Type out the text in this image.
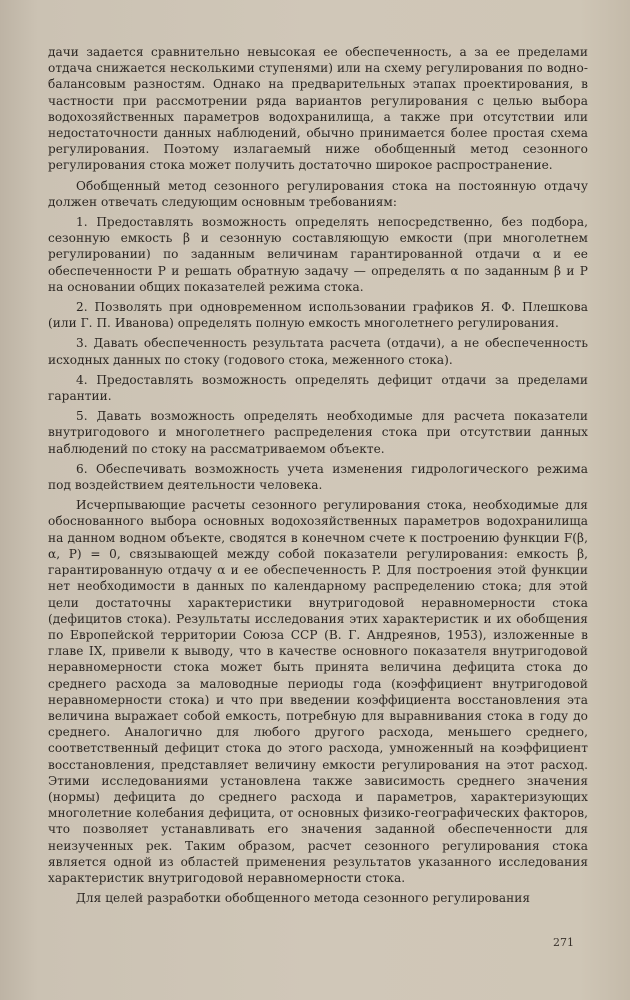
дачи задается сравнительно невысокая ее обеспеченность, а за ее пределами отдача снижается несколькими ступенями) или на схему регулирования по воднобалансовым разностям. Однако на предварительных этапах проектирования, в частности при рассмотрении ряда вариантов регулирования с целью выбора водохозяйственных параметров водохранилища, а также при отсутствии или недостаточности данных наблюдений, обычно принимается более простая схема регулирования. Поэтому излагаемый ниже обобщенный метод сезонного регулирования стока может получить достаточно широкое распространение.

Обобщенный метод сезонного регулирования стока на постоянную отдачу должен отвечать следующим основным требованиям:

1. Предоставлять возможность определять непосредственно, без подбора, сезонную емкость β и сезонную составляющую емкости (при многолетнем регулировании) по заданным величинам гарантированной отдачи α и ее обеспеченности P и решать обратную задачу — определять α по заданным β и P на основании общих показателей режима стока.

2. Позволять при одновременном использовании графиков Я. Ф. Плешкова (или Г. П. Иванова) определять полную емкость многолетнего регулирования.

3. Давать обеспеченность результата расчета (отдачи), а не обеспеченность исходных данных по стоку (годового стока, меженного стока).

4. Предоставлять возможность определять дефицит отдачи за пределами гарантии.

5. Давать возможность определять необходимые для расчета показатели внутригодового и многолетнего распределения стока при отсутствии данных наблюдений по стоку на рассматриваемом объекте.

6. Обеспечивать возможность учета изменения гидрологического режима под воздействием деятельности человека.

Исчерпывающие расчеты сезонного регулирования стока, необходимые для обоснованного выбора основных водохозяйственных параметров водохранилища на данном водном объекте, сводятся в конечном счете к построению функции F(β, α, P) = 0, связывающей между собой показатели регулирования: емкость β, гарантированную отдачу α и ее обеспеченность P. Для построения этой функции нет необходимости в данных по календарному распределению стока; для этой цели достаточны характеристики внутригодовой неравномерности стока (дефицитов стока). Результаты исследования этих характеристик и их обобщения по Европейской территории Союза ССР (В. Г. Андреянов, 1953), изложенные в главе IX, привели к выводу, что в качестве основного показателя внутригодовой неравномерности стока может быть принята величина дефицита стока до среднего расхода за маловодные периоды года (коэффициент внутригодовой неравномерности стока) и что при введении коэффициента восстановления эта величина выражает собой емкость, потребную для выравнивания стока в году до среднего. Аналогично для любого другого расхода, меньшего среднего, соответственный дефицит стока до этого расхода, умноженный на коэффициент восстановления, представляет величину емкости регулирования на этот расход. Этими исследованиями установлена также зависимость среднего значения (нормы) дефицита до среднего расхода и параметров, характеризующих многолетние колебания дефицита, от основных физико-географических факторов, что позволяет устанавливать его значения заданной обеспеченности для неизученных рек. Таким образом, расчет сезонного регулирования стока является одной из областей применения результатов указанного исследования характеристик внутригодовой неравномерности стока.

Для целей разработки обобщенного метода сезонного регулирования

271
